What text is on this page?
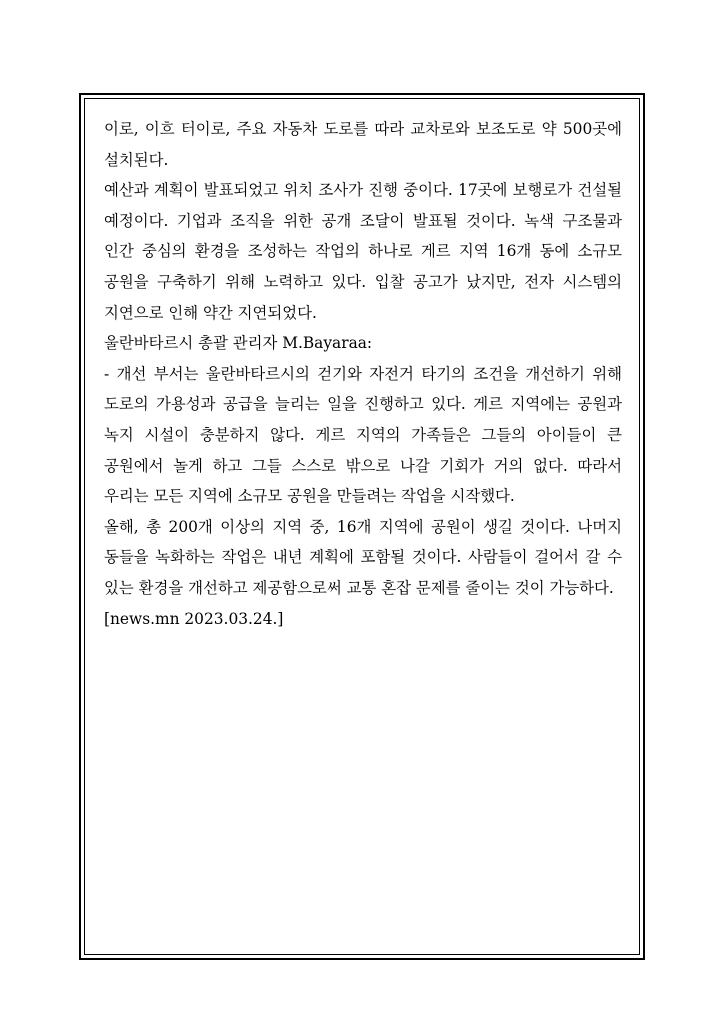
이로, 이흐 터이로, 주요 자동차 도로를 따라 교차로와 보조도로 약 500곳에 설치된다.

예산과 계획이 발표되었고 위치 조사가 진행 중이다. 17곳에 보행로가 건설될 예정이다. 기업과 조직을 위한 공개 조달이 발표될 것이다. 녹색 구조물과 인간 중심의 환경을 조성하는 작업의 하나로 게르 지역 16개 동에 소규모 공원을 구축하기 위해 노력하고 있다. 입찰 공고가 났지만, 전자 시스템의 지연으로 인해 약간 지연되었다.

울란바타르시 총괄 관리자 M.Bayaraa:

- 개선 부서는 울란바타르시의 걷기와 자전거 타기의 조건을 개선하기 위해 도로의 가용성과 공급을 늘리는 일을 진행하고 있다. 게르 지역에는 공원과 녹지 시설이 충분하지 않다. 게르 지역의 가족들은 그들의 아이들이 큰 공원에서 놀게 하고 그들 스스로 밖으로 나갈 기회가 거의 없다. 따라서 우리는 모든 지역에 소규모 공원을 만들려는 작업을 시작했다.

올해, 총 200개 이상의 지역 중, 16개 지역에 공원이 생길 것이다. 나머지 동들을 녹화하는 작업은 내년 계획에 포함될 것이다. 사람들이 걸어서 갈 수 있는 환경을 개선하고 제공함으로써 교통 혼잡 문제를 줄이는 것이 가능하다.

[news.mn 2023.03.24.]
